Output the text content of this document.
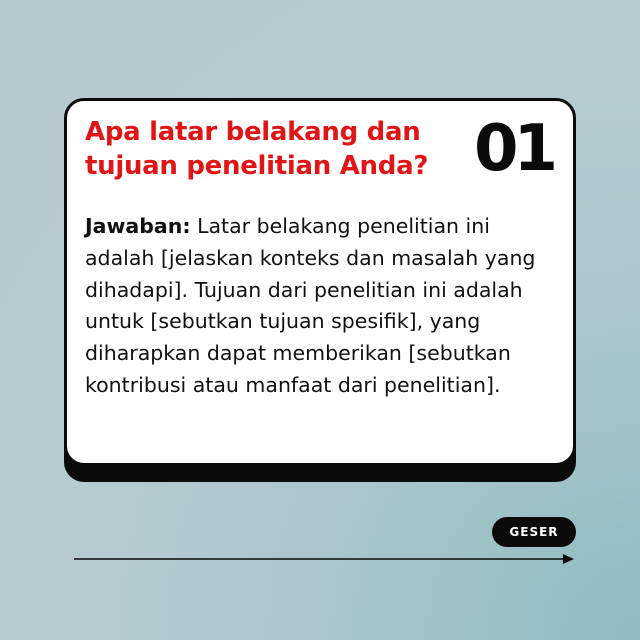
Apa latar belakang dan tujuan penelitian Anda? 01

Jawaban: Latar belakang penelitian ini adalah [jelaskan konteks dan masalah yang dihadapi]. Tujuan dari penelitian ini adalah untuk [sebutkan tujuan spesifik], yang diharapkan dapat memberikan [sebutkan kontribusi atau manfaat dari penelitian].

GESER
